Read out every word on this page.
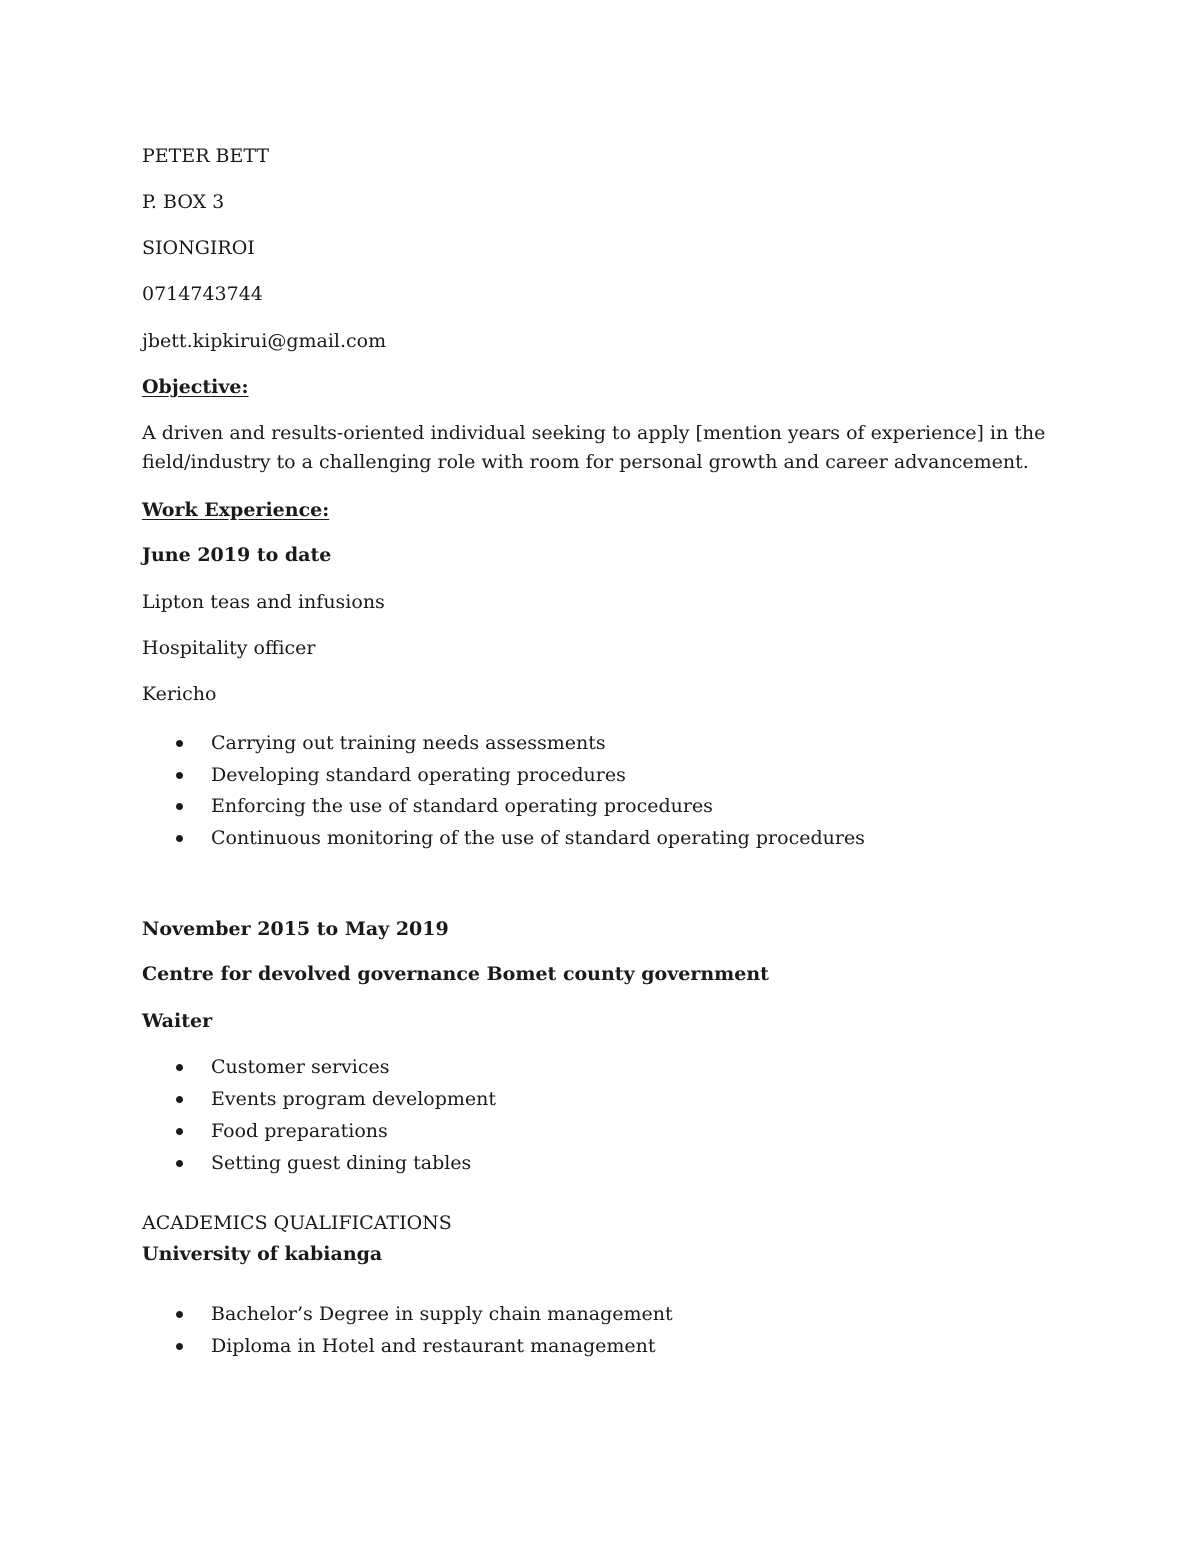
PETER BETT
P. BOX 3
SIONGIROI
0714743744
jbett.kipkirui@gmail.com
Objective:
A driven and results-oriented individual seeking to apply [mention years of experience] in the field/industry to a challenging role with room for personal growth and career advancement.
Work Experience:
June 2019 to date
Lipton teas and infusions
Hospitality officer
Kericho
Carrying out training needs assessments
Developing standard operating procedures
Enforcing the use of standard operating procedures
Continuous monitoring of the use of standard operating procedures
November 2015 to May 2019
Centre for devolved governance Bomet county government
Waiter
Customer services
Events program development
Food preparations
Setting guest dining tables
ACADEMICS QUALIFICATIONS
University of kabianga
Bachelor’s Degree in supply chain management
Diploma in Hotel and restaurant management
